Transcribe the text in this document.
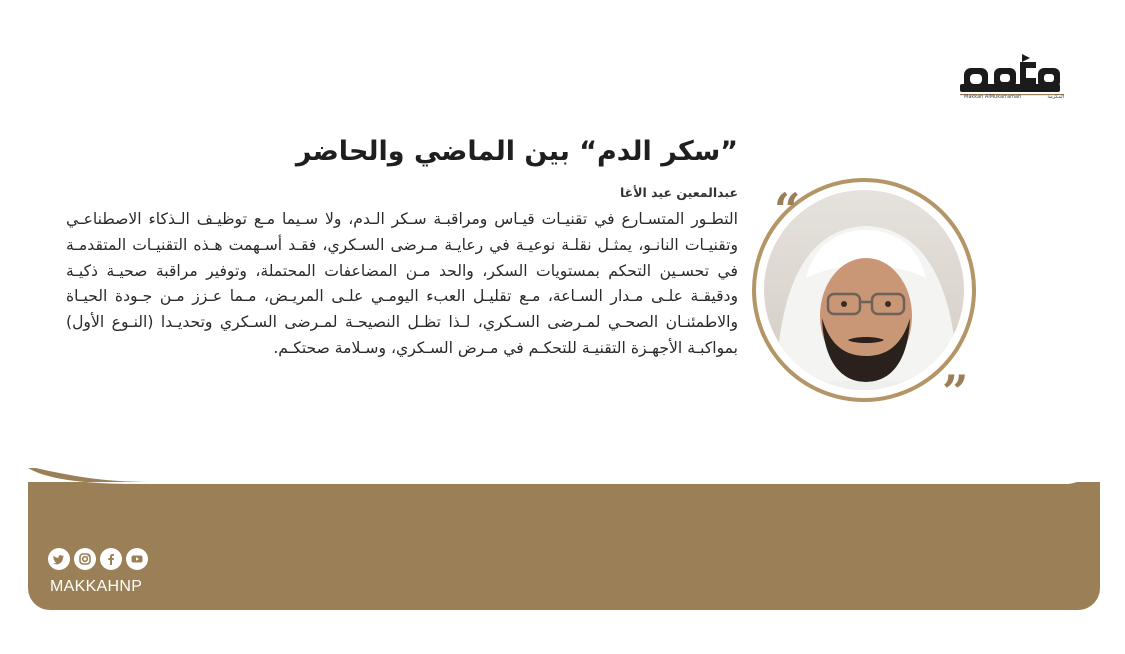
مكة
Makkah AlMukarramah	المكرمة
”سكر الدم“ بين الماضي والحاضر
عبدالمعين عيد الأغا
التطـور المتسـارع في تقنيـات قيـاس ومراقبـة سـكر الـدم، ولا سـيما مـع توظيـف الـذكاء الاصطناعـي وتقنيـات النانـو، يمثـل نقلـة نوعيـة في رعايـة مـرضى السـكري، فقـد أسـهمت هـذه التقنيـات المتقدمـة في تحسـين التحكم بمستويات السكر، والحد مـن المضاعفات المحتملة، وتوفير مراقبة صحيـة ذكيـة ودقيقـة علـى مـدار السـاعة، مـع تقليـل العبء اليومـي علـى المريـض، مـما عـزز مـن جـودة الحيـاة والاطمئنـان الصحـي لمـرضى السـكري، لـذا تظـل النصيحـة لمـرضى السـكري وتحديـدا (النـوع الأول) بمواكبـة الأجهـزة التقنيـة للتحكـم في مـرض السـكري، وسـلامة صحتكـم.
“
”
MAKKAHNP
